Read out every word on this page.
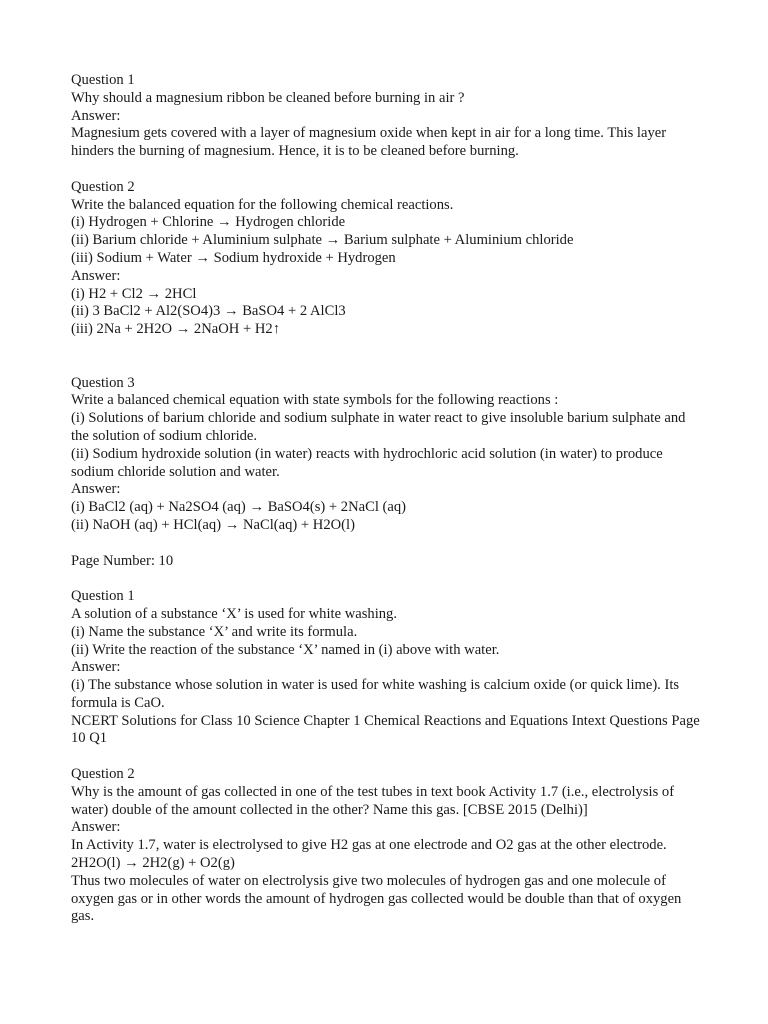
Question 1
Why should a magnesium ribbon be cleaned before burning in air ?
Answer:
Magnesium gets covered with a layer of magnesium oxide when kept in air for a long time. This layer hinders the burning of magnesium. Hence, it is to be cleaned before burning.
Question 2
Write the balanced equation for the following chemical reactions.
(i) Hydrogen + Chlorine → Hydrogen chloride
(ii) Barium chloride + Aluminium sulphate → Barium sulphate + Aluminium chloride
(iii) Sodium + Water → Sodium hydroxide + Hydrogen
Answer:
(i) H2 + Cl2 → 2HCl
(ii) 3 BaCl2 + Al2(SO4)3 → BaSO4 + 2 AlCl3
(iii) 2Na + 2H2O → 2NaOH + H2↑
Question 3
Write a balanced chemical equation with state symbols for the following reactions :
(i) Solutions of barium chloride and sodium sulphate in water react to give insoluble barium sulphate and the solution of sodium chloride.
(ii) Sodium hydroxide solution (in water) reacts with hydrochloric acid solution (in water) to produce sodium chloride solution and water.
Answer:
(i) BaCl2 (aq) + Na2SO4 (aq) → BaSO4(s) + 2NaCl (aq)
(ii) NaOH (aq) + HCl(aq) → NaCl(aq) + H2O(l)
Page Number: 10
Question 1
A solution of a substance ‘X’ is used for white washing.
(i) Name the substance ‘X’ and write its formula.
(ii) Write the reaction of the substance ‘X’ named in (i) above with water.
Answer:
(i) The substance whose solution in water is used for white washing is calcium oxide (or quick lime). Its formula is CaO.
NCERT Solutions for Class 10 Science Chapter 1 Chemical Reactions and Equations Intext Questions Page 10 Q1
Question 2
Why is the amount of gas collected in one of the test tubes in text book Activity 1.7 (i.e., electrolysis of water) double of the amount collected in the other? Name this gas. [CBSE 2015 (Delhi)]
Answer:
In Activity 1.7, water is electrolysed to give H2 gas at one electrode and O2 gas at the other electrode.
2H2O(l) → 2H2(g) + O2(g)
Thus two molecules of water on electrolysis give two molecules of hydrogen gas and one molecule of oxygen gas or in other words the amount of hydrogen gas collected would be double than that of oxygen gas.
